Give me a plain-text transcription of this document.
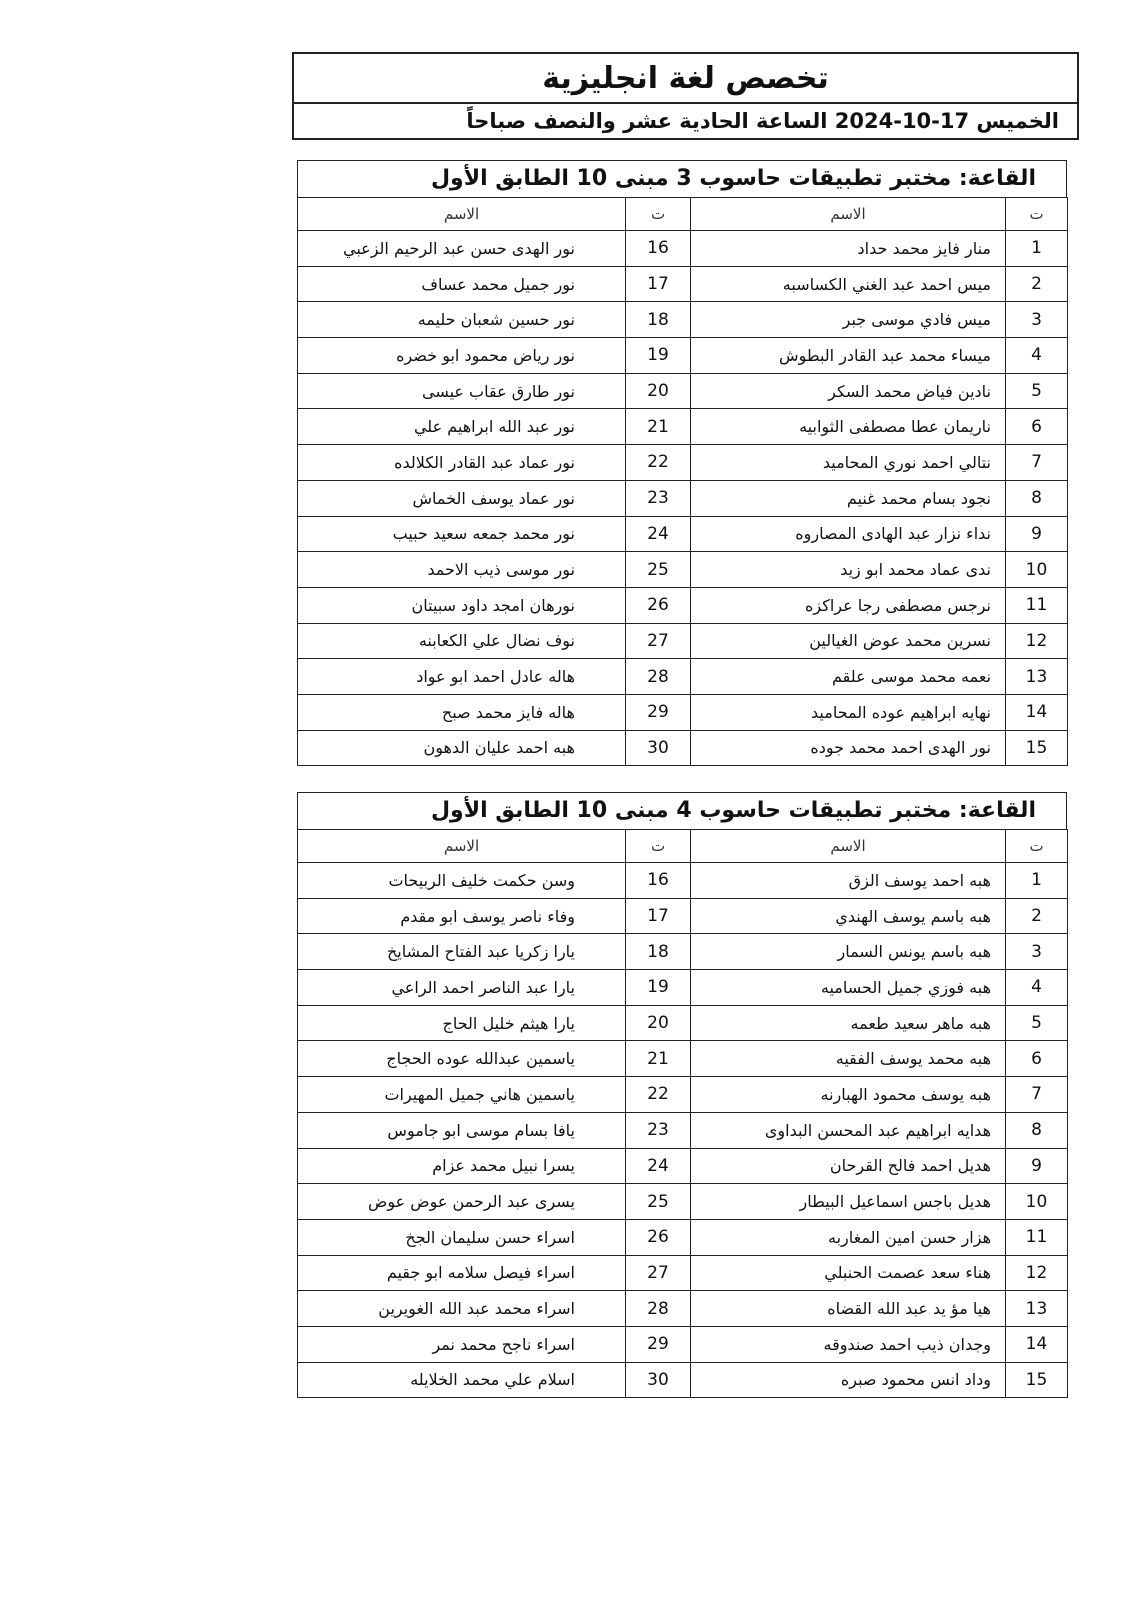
تخصص لغة انجليزية
الخميس 17-10-2024 الساعة الحادية عشر والنصف صباحاً
القاعة: مختبر تطبيقات حاسوب 3 مبنى 10 الطابق الأول
ت	الاسم	ت	الاسم
1	منار فايز محمد حداد	16	نور الهدى حسن عبد الرحيم الزعبي
2	ميس احمد عبد الغني الكساسبه	17	نور جميل محمد عساف
3	ميس فادي موسى جبر	18	نور حسين شعبان حليمه
4	ميساء محمد عبد القادر البطوش	19	نور رياض محمود ابو خضره
5	نادين فياض محمد السكر	20	نور طارق عقاب عيسى
6	ناريمان عطا مصطفى الثوابيه	21	نور عبد الله ابراهيم علي
7	نتالي احمد نوري المحاميد	22	نور عماد عبد القادر الكلالده
8	نجود بسام محمد غنيم	23	نور عماد يوسف الخماش
9	نداء نزار عبد الهادى المصاروه	24	نور محمد جمعه سعيد حبيب
10	ندى عماد محمد ابو زيد	25	نور موسى ذيب الاحمد
11	نرجس مصطفى رجا عراكزه	26	نورهان امجد داود سبيتان
12	نسرين محمد عوض الغيالين	27	نوف نضال علي الكعابنه
13	نعمه محمد موسى علقم	28	هاله عادل احمد ابو عواد
14	نهايه ابراهيم عوده المحاميد	29	هاله فايز محمد صبح
15	نور الهدى احمد محمد جوده	30	هبه احمد عليان الدهون
القاعة: مختبر تطبيقات حاسوب 4 مبنى 10 الطابق الأول
ت	الاسم	ت	الاسم
1	هبه احمد يوسف الزق	16	وسن حكمت خليف الربيحات
2	هبه باسم يوسف الهندي	17	وفاء ناصر يوسف ابو مقدم
3	هبه باسم يونس السمار	18	يارا زكريا عبد الفتاح المشايخ
4	هبه فوزي جميل الحساميه	19	يارا عبد الناصر احمد الراعي
5	هبه ماهر سعيد طعمه	20	يارا هيثم خليل الحاج
6	هبه محمد يوسف الفقيه	21	ياسمين عبدالله عوده الحجاج
7	هبه يوسف محمود الهبارنه	22	ياسمين هاني جميل المهيرات
8	هدايه ابراهيم عبد المحسن البداوى	23	يافا بسام موسى ابو جاموس
9	هديل احمد فالح القرحان	24	يسرا نبيل محمد عزام
10	هديل باجس اسماعيل البيطار	25	يسرى عبد الرحمن عوض عوض
11	هزار حسن امين المغاربه	26	اسراء حسن سليمان الجخ
12	هناء سعد عصمت الحنبلي	27	اسراء فيصل سلامه ابو جقيم
13	هيا مؤ يد عبد الله القضاه	28	اسراء محمد عبد الله الغويرين
14	وجدان ذيب احمد صندوقه	29	اسراء ناجح محمد نمر
15	وداد انس محمود صبره	30	اسلام علي محمد الخلايله
